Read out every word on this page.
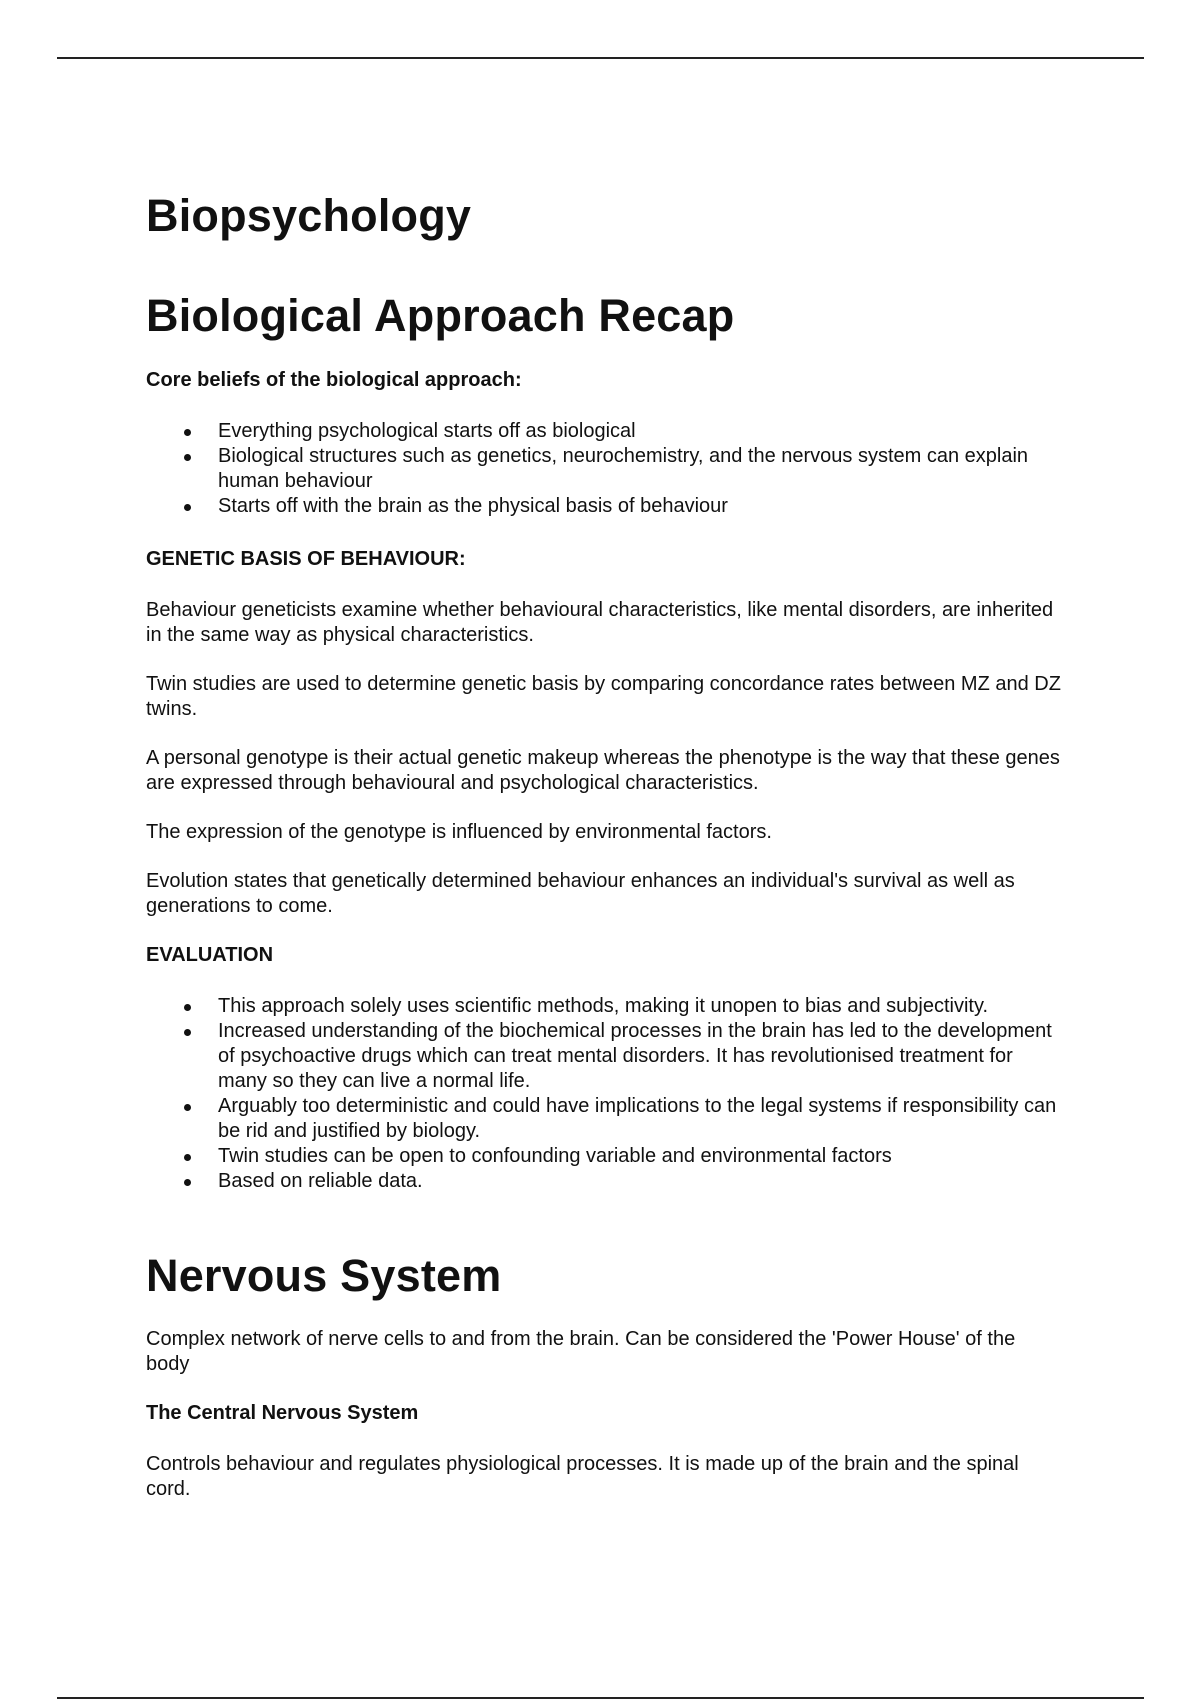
Biopsychology
Biological Approach Recap
Core beliefs of the biological approach:
Everything psychological starts off as biological
Biological structures such as genetics, neurochemistry, and the nervous system can explain human behaviour
Starts off with the brain as the physical basis of behaviour
GENETIC BASIS OF BEHAVIOUR:

Behaviour geneticists examine whether behavioural characteristics, like mental disorders, are inherited in the same way as physical characteristics.

Twin studies are used to determine genetic basis by comparing concordance rates between MZ and DZ twins.

A personal genotype is their actual genetic makeup whereas the phenotype is the way that these genes are expressed through behavioural and psychological characteristics.

The expression of the genotype is influenced by environmental factors.

Evolution states that genetically determined behaviour enhances an individual's survival as well as generations to come.

EVALUATION
This approach solely uses scientific methods, making it unopen to bias and subjectivity.
Increased understanding of the biochemical processes in the brain has led to the development of psychoactive drugs which can treat mental disorders. It has revolutionised treatment for many so they can live a normal life.
Arguably too deterministic and could have implications to the legal systems if responsibility can be rid and justified by biology.
Twin studies can be open to confounding variable and environmental factors
Based on reliable data.
Nervous System

Complex network of nerve cells to and from the brain. Can be considered the 'Power House' of the body

The Central Nervous System

Controls behaviour and regulates physiological processes. It is made up of the brain and the spinal cord.
